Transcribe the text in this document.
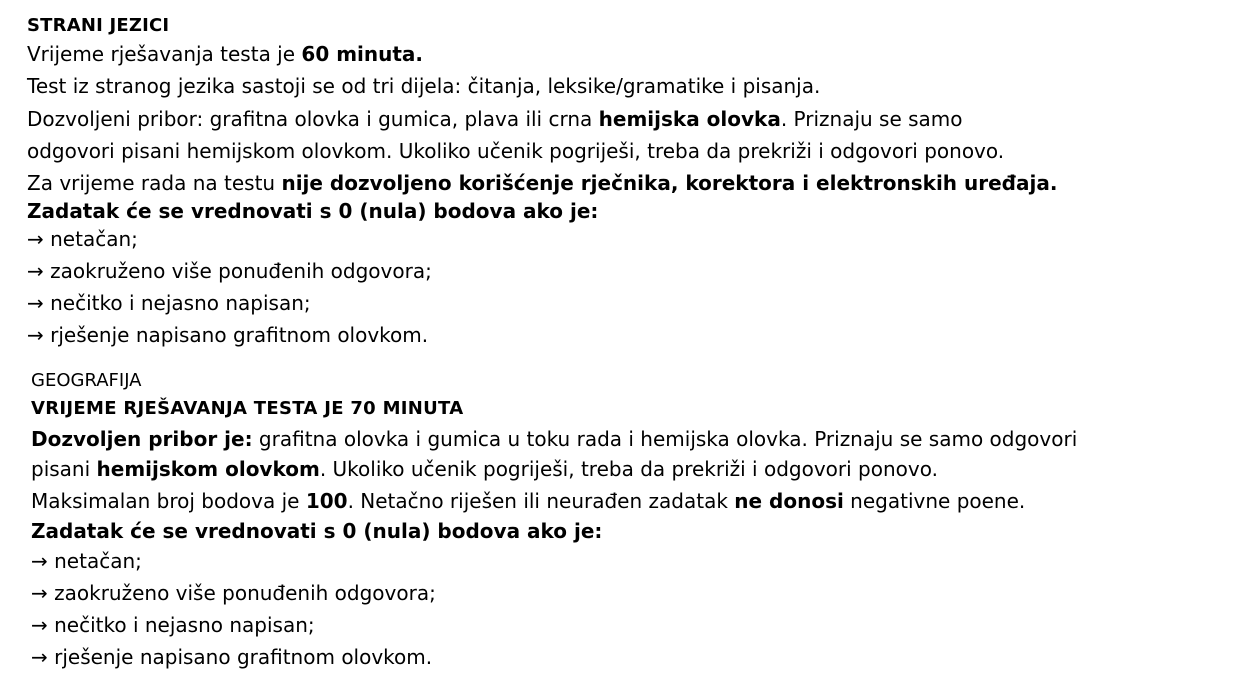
STRANI JEZICI
Vrijeme rješavanja testa je 60 minuta.
Test iz stranog jezika sastoji se od tri dijela: čitanja, leksike/gramatike i pisanja.
Dozvoljeni pribor: grafitna olovka i gumica, plava ili crna hemijska olovka. Priznaju se samo
odgovori pisani hemijskom olovkom. Ukoliko učenik pogriješi, treba da prekriži i odgovori ponovo.
Za vrijeme rada na testu nije dozvoljeno korišćenje rječnika, korektora i elektronskih uređaja.
Zadatak će se vrednovati s 0 (nula) bodova ako je:
→ netačan;
→ zaokruženo više ponuđenih odgovora;
→ nečitko i nejasno napisan;
→ rješenje napisano grafitnom olovkom.
GEOGRAFIJA
VRIJEME RJEŠAVANJA TESTA JE 70 MINUTA
Dozvoljen pribor je: grafitna olovka i gumica u toku rada i hemijska olovka. Priznaju se samo odgovori
pisani hemijskom olovkom. Ukoliko učenik pogriješi, treba da prekriži i odgovori ponovo.
Maksimalan broj bodova je 100. Netačno riješen ili neurađen zadatak ne donosi negativne poene.
Zadatak će se vrednovati s 0 (nula) bodova ako je:
→ netačan;
→ zaokruženo više ponuđenih odgovora;
→ nečitko i nejasno napisan;
→ rješenje napisano grafitnom olovkom.
